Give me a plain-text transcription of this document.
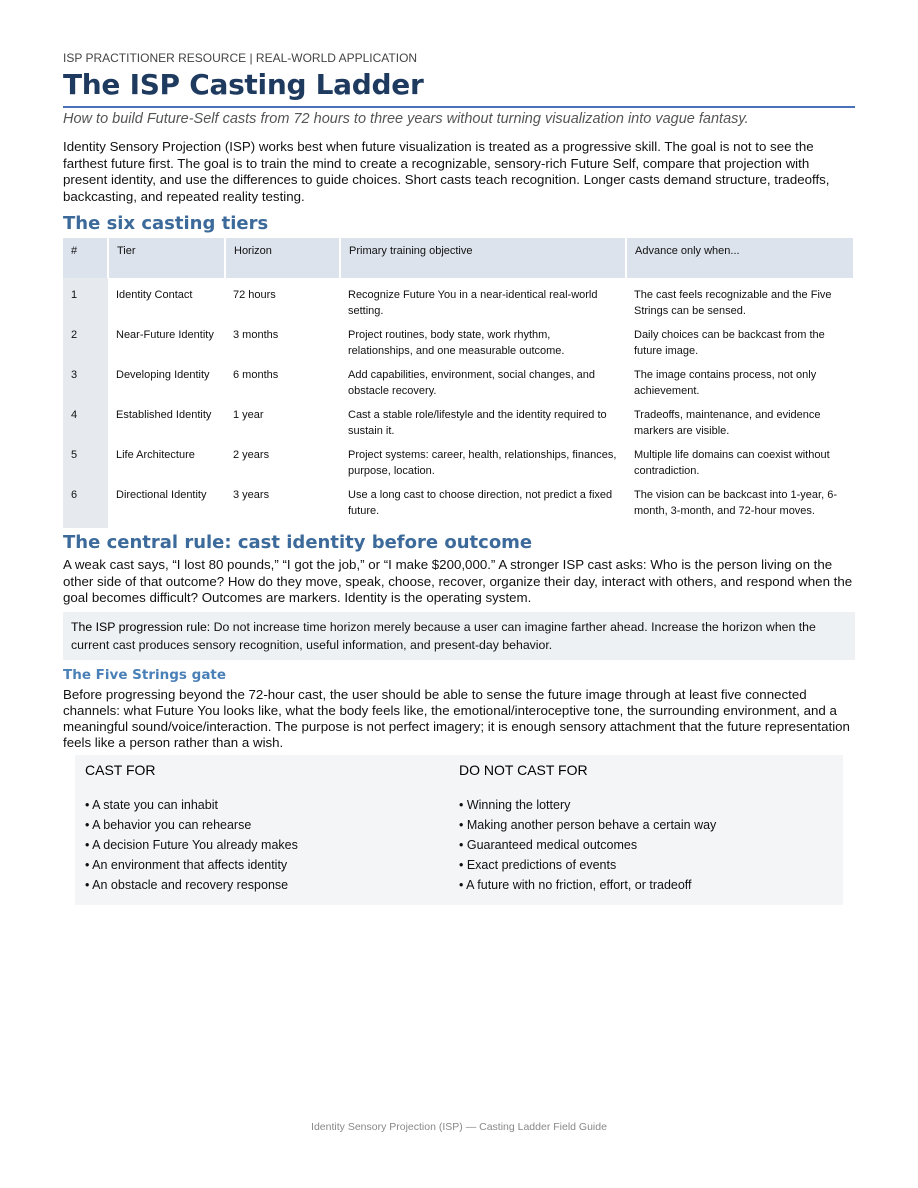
ISP PRACTITIONER RESOURCE | REAL-WORLD APPLICATION
The ISP Casting Ladder
How to build Future-Self casts from 72 hours to three years without turning visualization into vague fantasy.

Identity Sensory Projection (ISP) works best when future visualization is treated as a progressive skill. The goal is not to see the farthest future first. The goal is to train the mind to create a recognizable, sensory-rich Future Self, compare that projection with present identity, and use the differences to guide choices. Short casts teach recognition. Longer casts demand structure, tradeoffs, backcasting, and repeated reality testing.

The six casting tiers
#	Tier	Horizon	Primary training objective	Advance only when...
1	Identity Contact	72 hours	Recognize Future You in a near-identical real-world setting.	The cast feels recognizable and the Five Strings can be sensed.
2	Near-Future Identity	3 months	Project routines, body state, work rhythm, relationships, and one measurable outcome.	Daily choices can be backcast from the future image.
3	Developing Identity	6 months	Add capabilities, environment, social changes, and obstacle recovery.	The image contains process, not only achievement.
4	Established Identity	1 year	Cast a stable role/lifestyle and the identity required to sustain it.	Tradeoffs, maintenance, and evidence markers are visible.
5	Life Architecture	2 years	Project systems: career, health, relationships, finances, purpose, location.	Multiple life domains can coexist without contradiction.
6	Directional Identity	3 years	Use a long cast to choose direction, not predict a fixed future.	The vision can be backcast into 1-year, 6-month, 3-month, and 72-hour moves.
The central rule: cast identity before outcome

A weak cast says, “I lost 80 pounds,” “I got the job,” or “I make $200,000.” A stronger ISP cast asks: Who is the person living on the other side of that outcome? How do they move, speak, choose, recover, organize their day, interact with others, and respond when the goal becomes difficult? Outcomes are markers. Identity is the operating system.

The ISP progression rule: Do not increase time horizon merely because a user can imagine farther ahead. Increase the horizon when the current cast produces sensory recognition, useful information, and present-day behavior.
The Five Strings gate

Before progressing beyond the 72-hour cast, the user should be able to sense the future image through at least five connected channels: what Future You looks like, what the body feels like, the emotional/interoceptive tone, the surrounding environment, and a meaningful sound/voice/interaction. The purpose is not perfect imagery; it is enough sensory attachment that the future representation feels like a person rather than a wish.

CAST FOR
• A state you can inhabit
• A behavior you can rehearse
• A decision Future You already makes
• An environment that affects identity
• An obstacle and recovery response
DO NOT CAST FOR
• Winning the lottery
• Making another person behave a certain way
• Guaranteed medical outcomes
• Exact predictions of events
• A future with no friction, effort, or tradeoff
Identity Sensory Projection (ISP) — Casting Ladder Field Guide
